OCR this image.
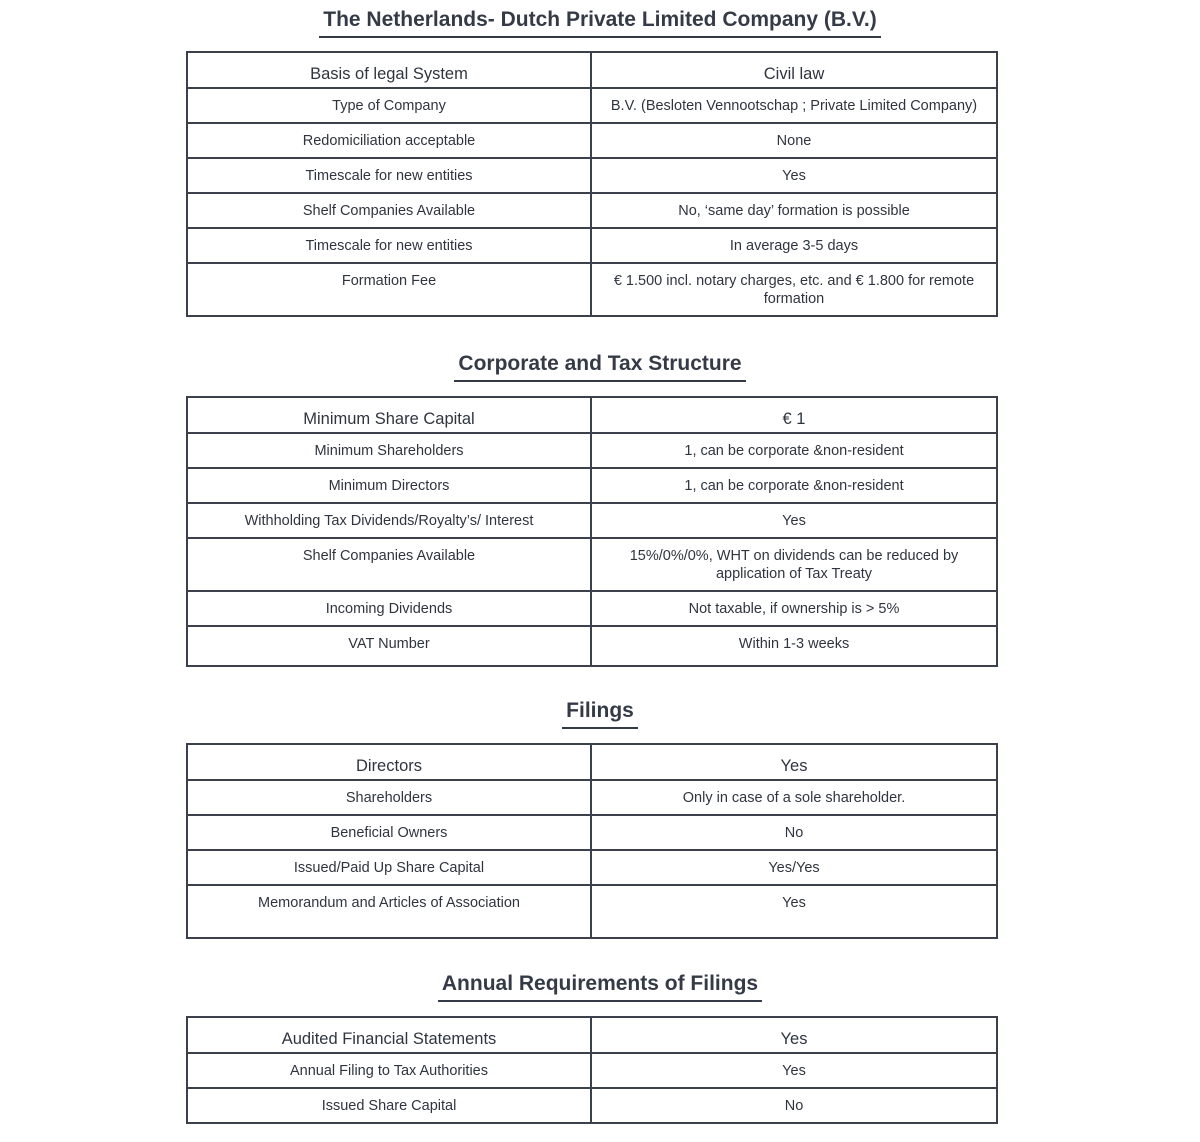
The Netherlands- Dutch Private Limited Company (B.V.)
Basis of legal System	Civil law
Type of Company	B.V. (Besloten Vennootschap ; Private Limited Company)
Redomiciliation acceptable	None
Timescale for new entities	Yes
Shelf Companies Available	No, ‘same day’ formation is possible
Timescale for new entities	In average 3-5 days
Formation Fee	€ 1.500 incl. notary charges, etc. and € 1.800 for remote formation
Corporate and Tax Structure
Minimum Share Capital	€ 1
Minimum Shareholders	1, can be corporate &non-resident
Minimum Directors	1, can be corporate &non-resident
Withholding Tax Dividends/Royalty’s/ Interest	Yes
Shelf Companies Available	15%/0%/0%, WHT on dividends can be reduced by application of Tax Treaty
Incoming Dividends	Not taxable, if ownership is > 5%
VAT Number	Within 1-3 weeks
Filings
Directors	Yes
Shareholders	Only in case of a sole shareholder.
Beneficial Owners	No
Issued/Paid Up Share Capital	Yes/Yes
Memorandum and Articles of Association	Yes
Annual Requirements of Filings
Audited Financial Statements	Yes
Annual Filing to Tax Authorities	Yes
Issued Share Capital	No
